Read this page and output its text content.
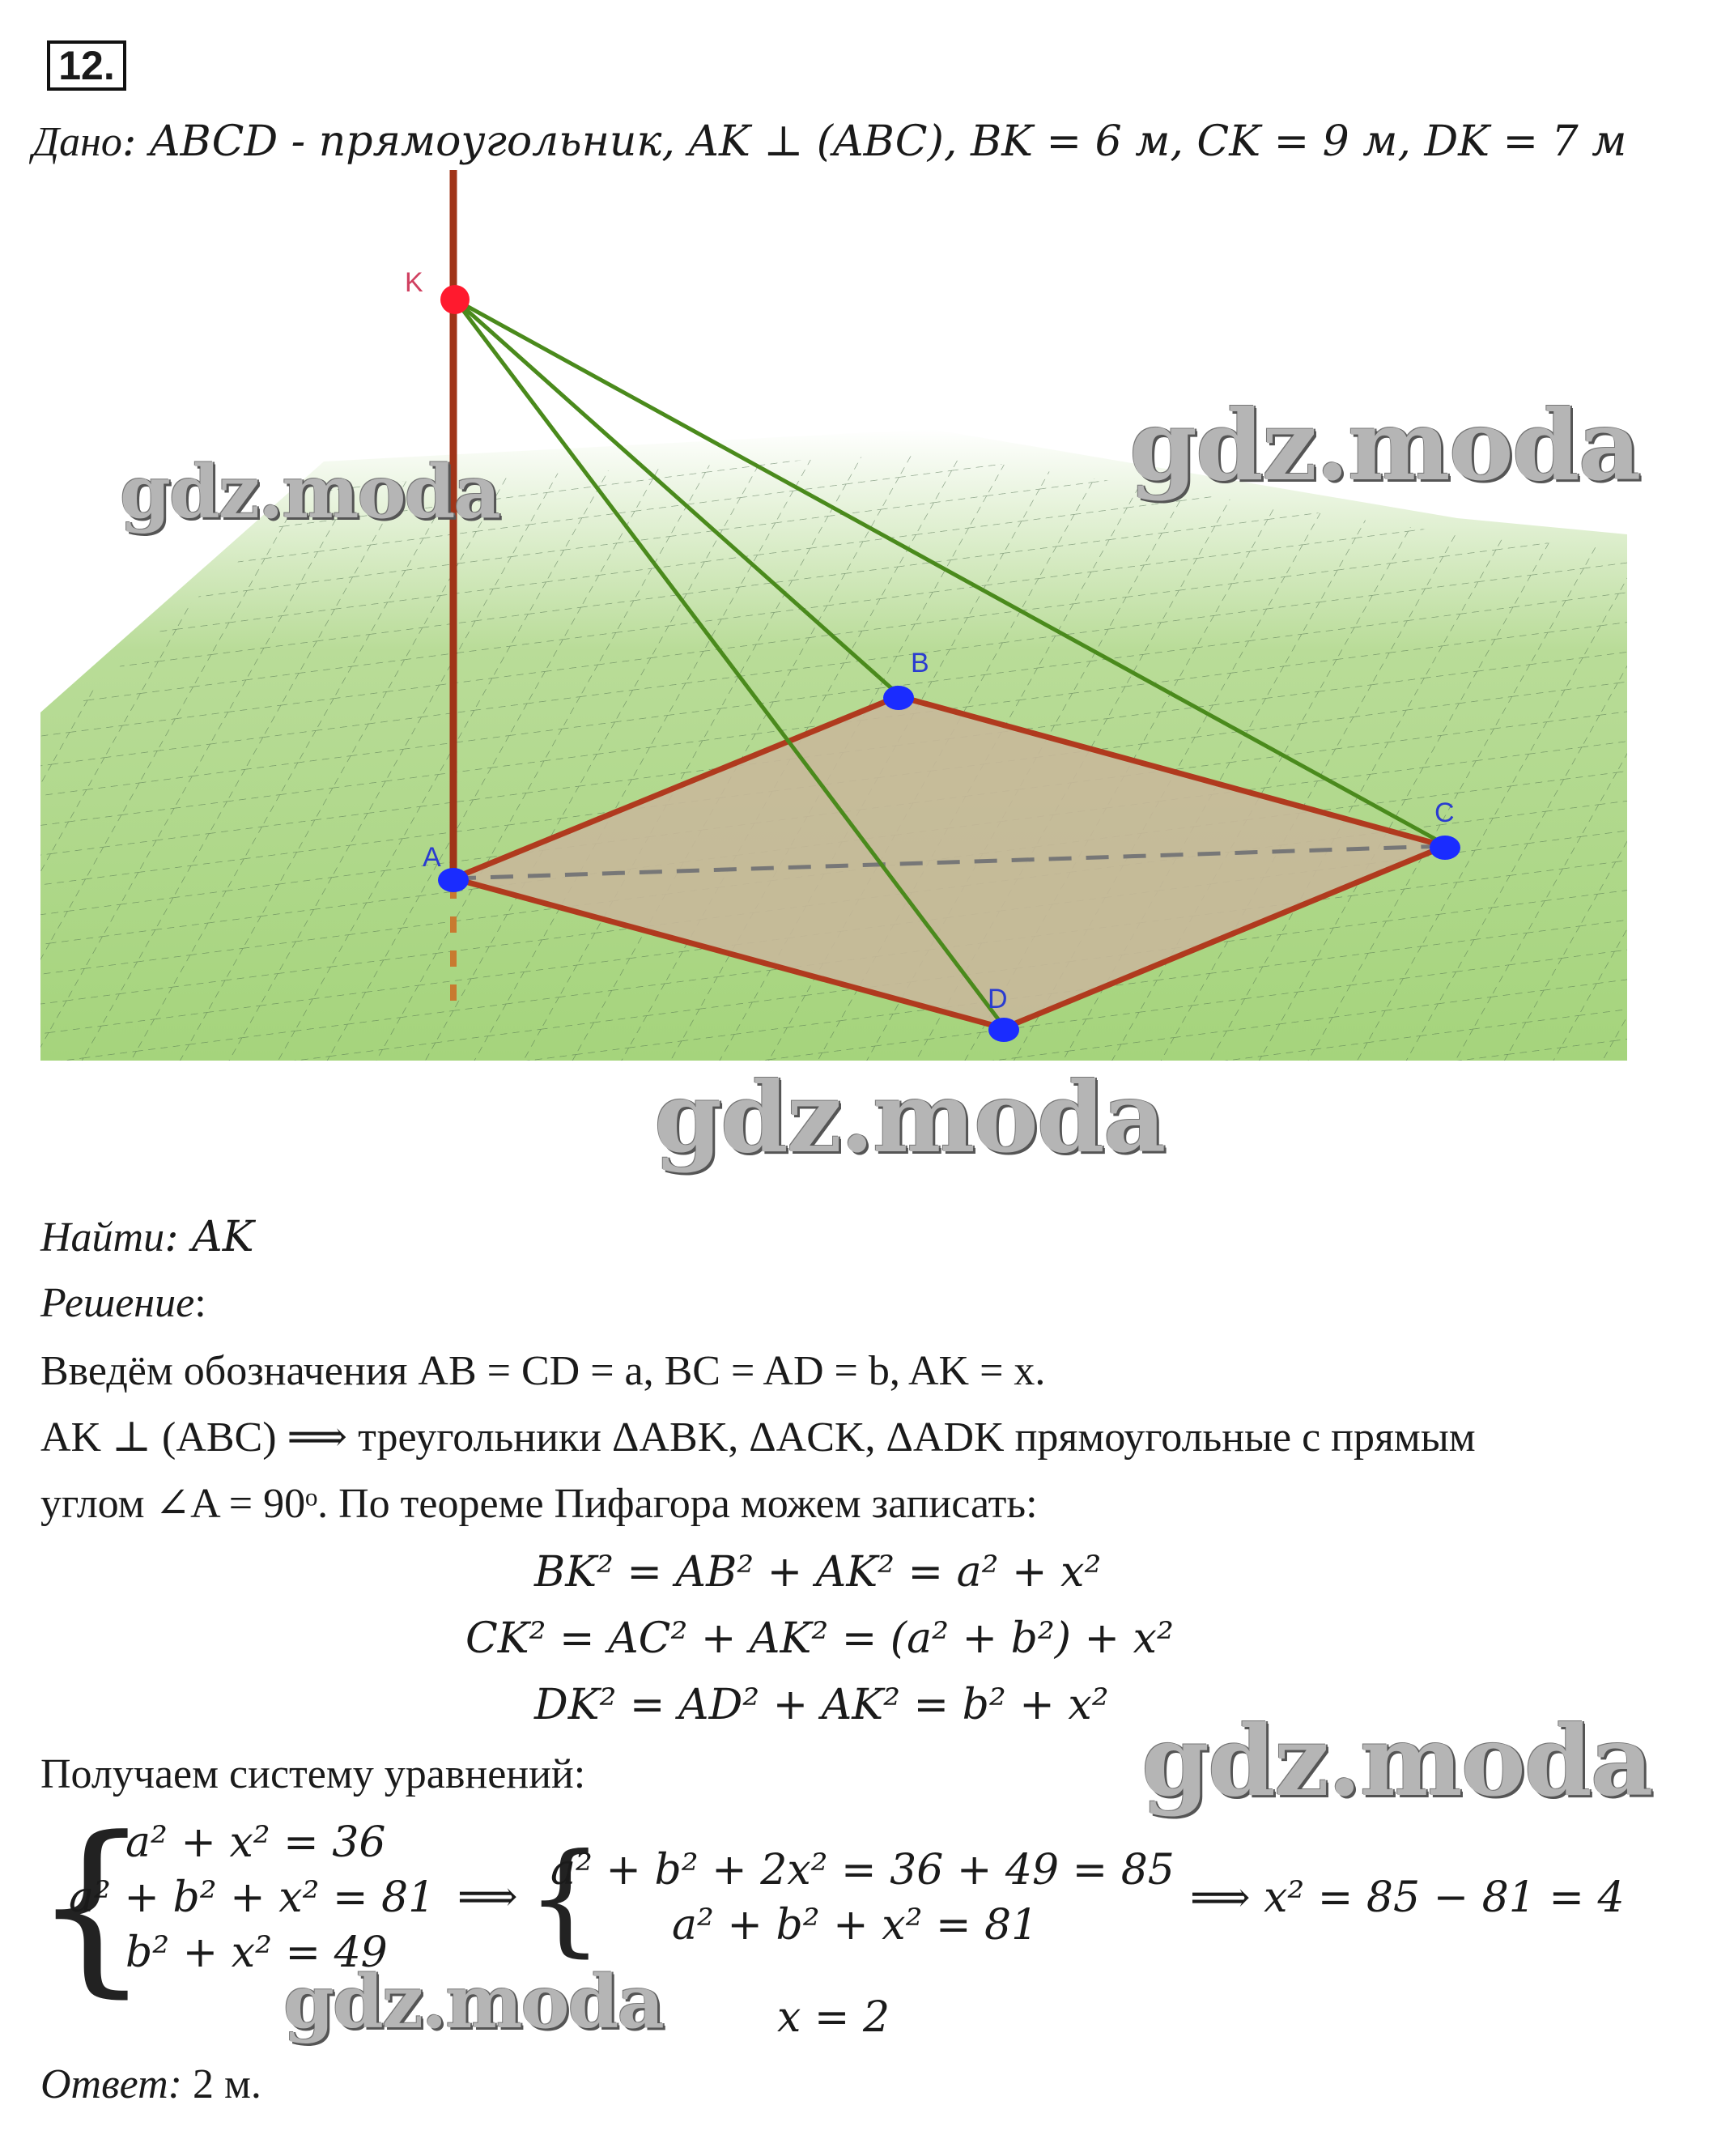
12.
Дано: ABCD - прямоугольник, AK ⊥ (ABC), BK = 6 м, CK = 9 м, DK = 7 м
K
B
C
A
D
gdz.moda	gdz.moda
gdz.moda
Найти: AK
Решение:
Введём обозначения AB = CD = a, BC = AD = b, AK = x.
AK ⊥ (ABC) ⟹ треугольники ΔABK, ΔACK, ΔADK прямоугольные с прямым
углом ∠A = 90ᵒ. По теореме Пифагора можем записать:
BK² = AB² + AK² = a² + x²
CK² = AC² + AK² = (a² + b²) + x²
DK² = AD² + AK² = b² + x² gdz.moda
Получаем систему уравнений:
{
a² + x² = 36
a² + b² + x² = 81
b² + x² = 49
⟹ {
a² + b² + 2x² = 36 + 49 = 85
a² + b² + x² = 81
⟹ x² = 85 − 81 = 4
gdz.moda	x = 2
Ответ: 2 м.
